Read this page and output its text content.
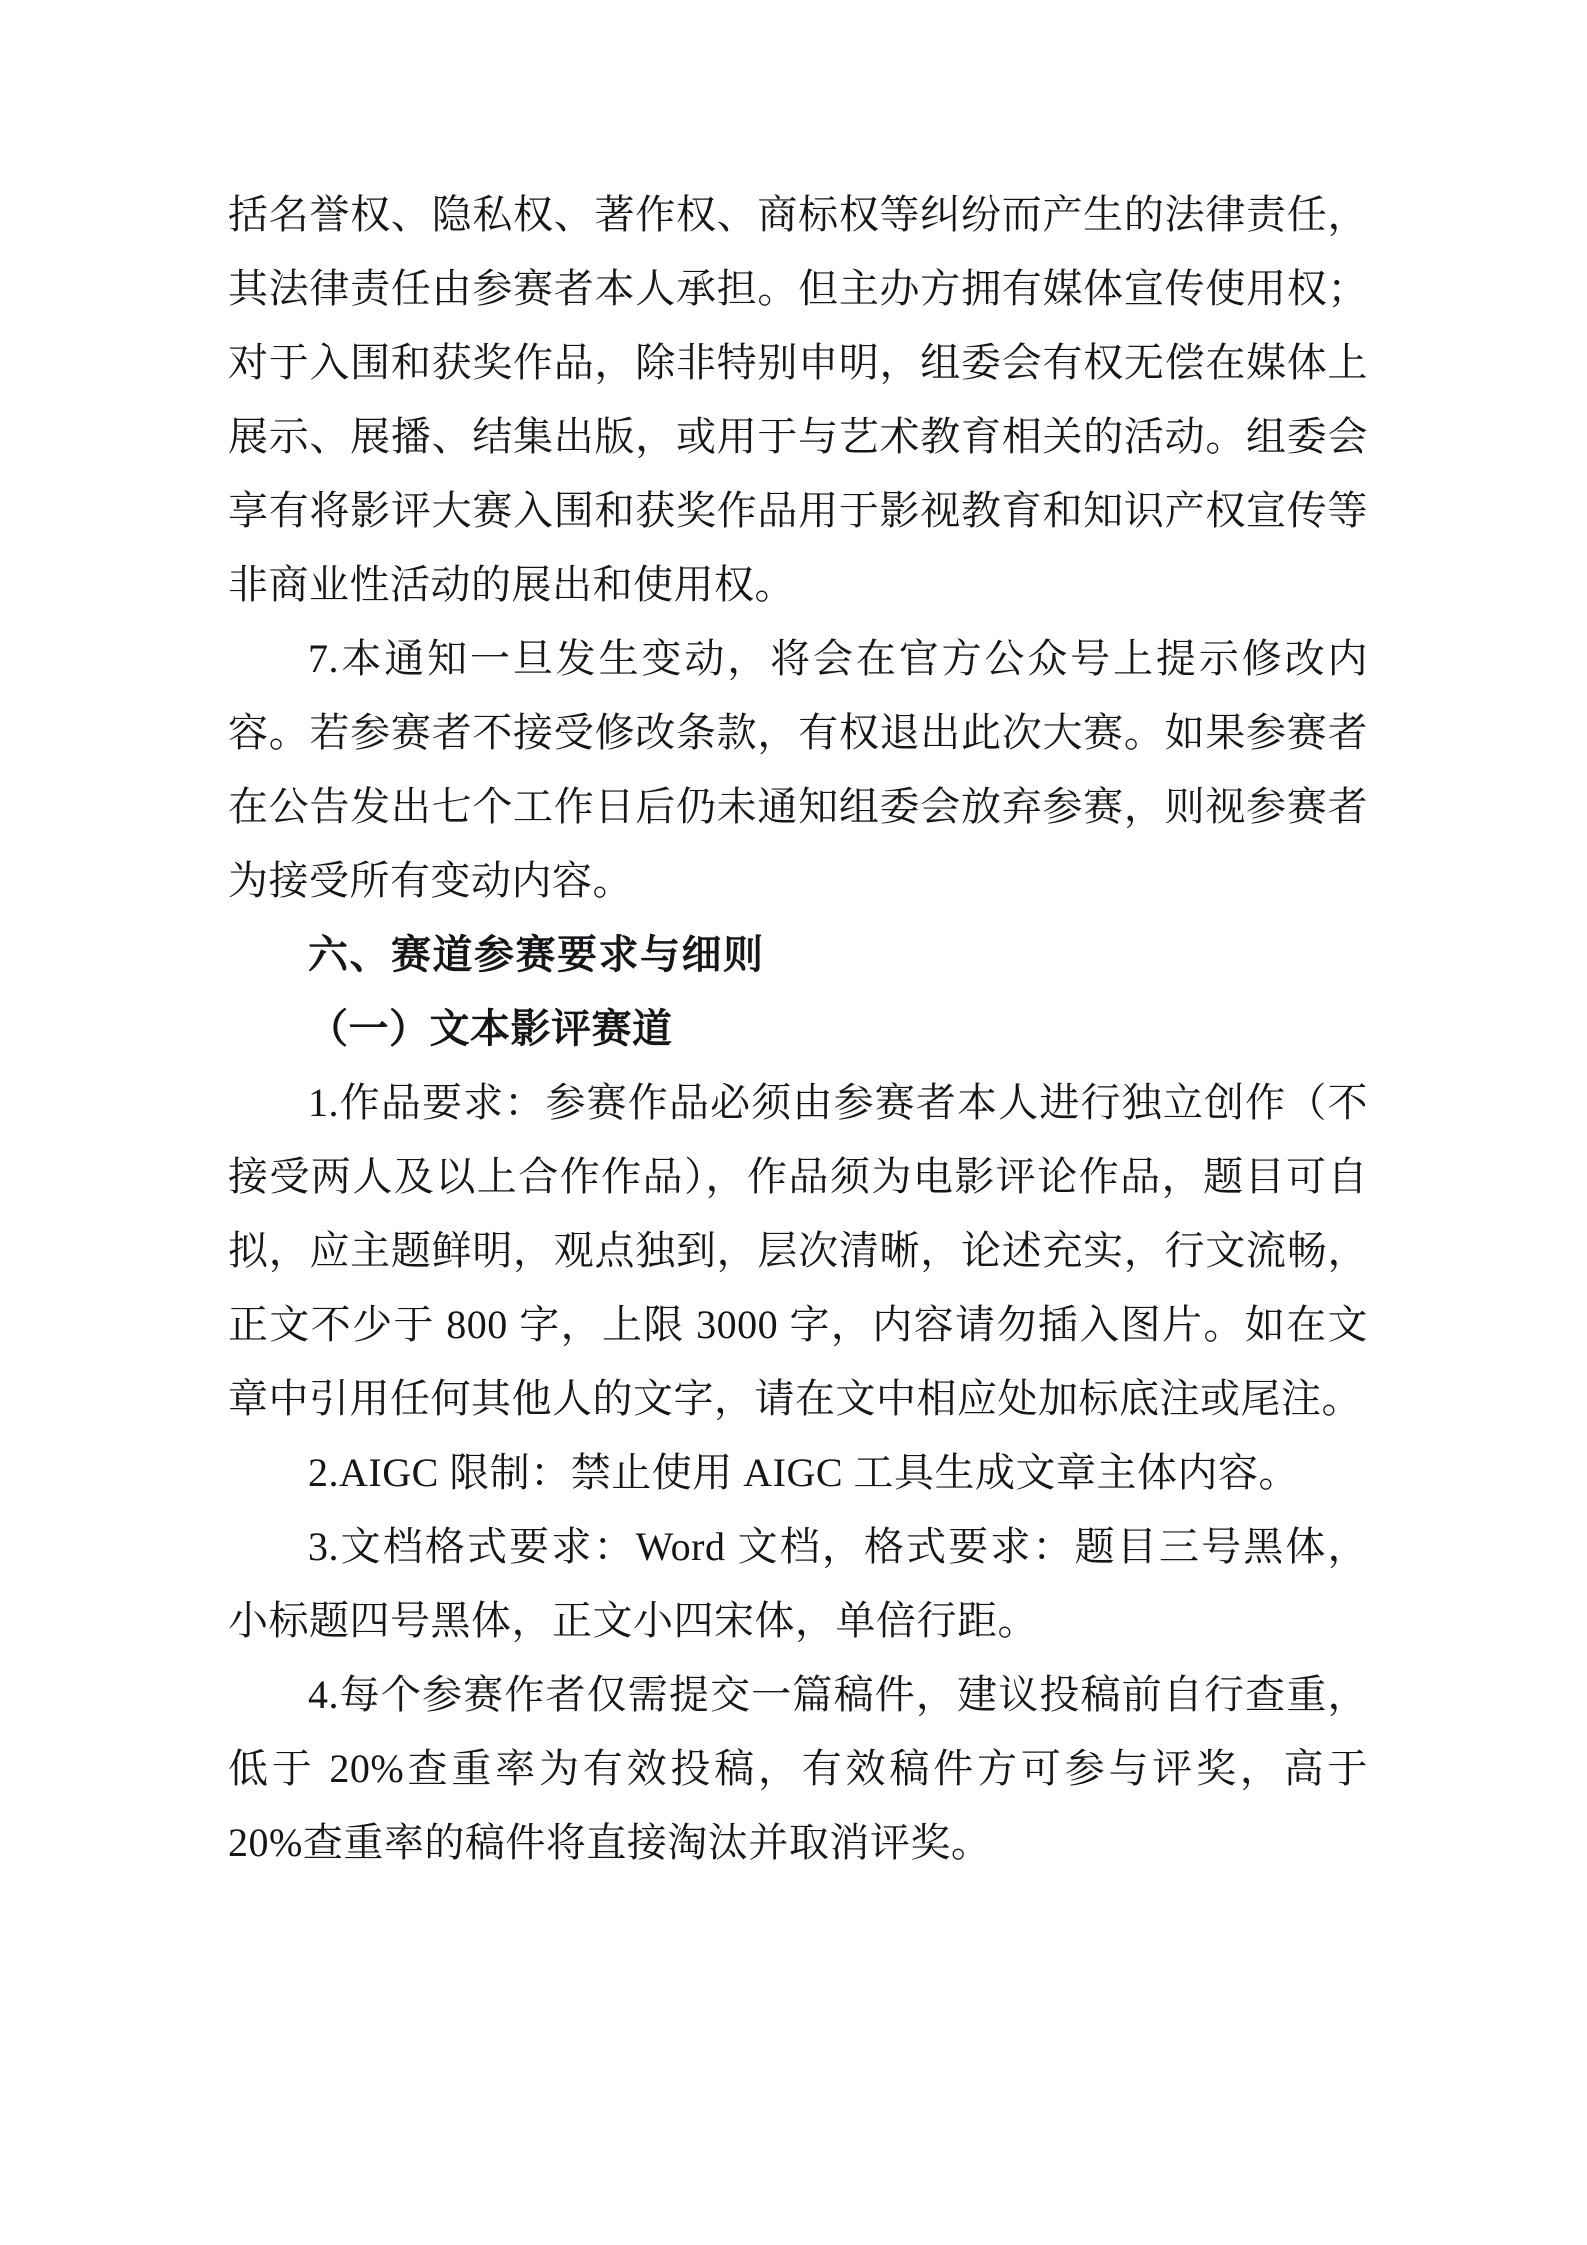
括名誉权、隐私权、著作权、商标权等纠纷而产生的法律责任，其法律责任由参赛者本人承担。但主办方拥有媒体宣传使用权；对于入围和获奖作品，除非特别申明，组委会有权无偿在媒体上展示、展播、结集出版，或用于与艺术教育相关的活动。组委会享有将影评大赛入围和获奖作品用于影视教育和知识产权宣传等非商业性活动的展出和使用权。

7.本通知一旦发生变动，将会在官方公众号上提示修改内容。若参赛者不接受修改条款，有权退出此次大赛。如果参赛者在公告发出七个工作日后仍未通知组委会放弃参赛，则视参赛者为接受所有变动内容。

六、赛道参赛要求与细则

（一）文本影评赛道

1.作品要求：参赛作品必须由参赛者本人进行独立创作（不接受两人及以上合作作品），作品须为电影评论作品，题目可自拟，应主题鲜明，观点独到，层次清晰，论述充实，行文流畅，正文不少于 800 字，上限 3000 字，内容请勿插入图片。如在文章中引用任何其他人的文字，请在文中相应处加标底注或尾注。

2.AIGC 限制：禁止使用 AIGC 工具生成文章主体内容。

3.文档格式要求：Word 文档，格式要求：题目三号黑体，小标题四号黑体，正文小四宋体，单倍行距。

4.每个参赛作者仅需提交一篇稿件，建议投稿前自行查重，低于 20%查重率为有效投稿，有效稿件方可参与评奖，高于 20%查重率的稿件将直接淘汰并取消评奖。
